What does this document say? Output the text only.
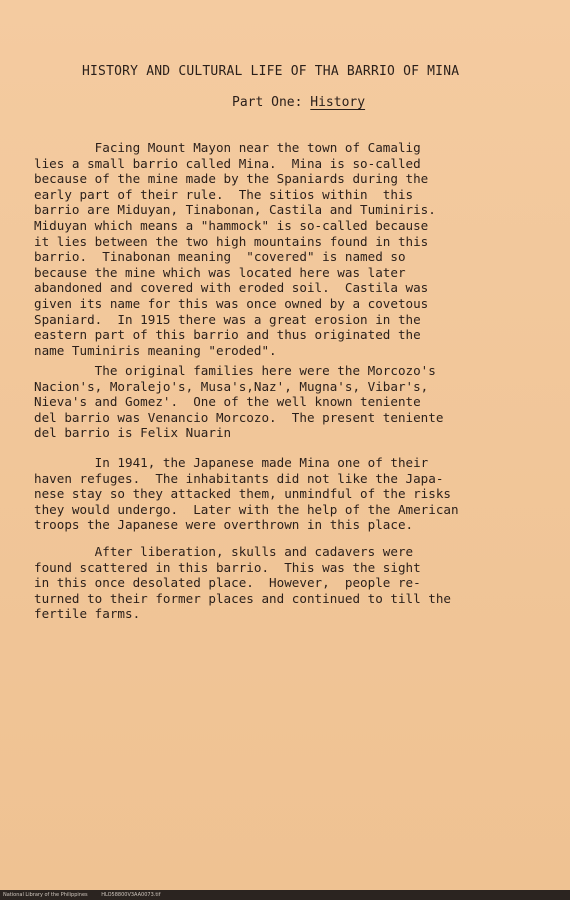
HISTORY AND CULTURAL LIFE OF THA BARRIO OF MINA
Part One: History
Facing Mount Mayon near the town of Camalig
lies a small barrio called Mina.  Mina is so-called
because of the mine made by the Spaniards during the
early part of their rule.  The sitios within  this
barrio are Miduyan, Tinabonan, Castila and Tuminiris.
Miduyan which means a "hammock" is so-called because
it lies between the two high mountains found in this
barrio.  Tinabonan meaning  "covered" is named so
because the mine which was located here was later
abandoned and covered with eroded soil.  Castila was
given its name for this was once owned by a covetous
Spaniard.  In 1915 there was a great erosion in the
eastern part of this barrio and thus originated the
name Tuminiris meaning "eroded".
The original families here were the Morcozo's
Nacion's, Moralejo's, Musa's,Naz', Mugna's, Vibar's,
Nieva's and Gomez'.  One of the well known teniente
del barrio was Venancio Morcozo.  The present teniente
del barrio is Felix Nuarin
In 1941, the Japanese made Mina one of their
haven refuges.  The inhabitants did not like the Japa-
nese stay so they attacked them, unmindful of the risks
they would undergo.  Later with the help of the American
troops the Japanese were overthrown in this place.
After liberation, skulls and cadavers were
found scattered in this barrio.  This was the sight
in this once desolated place.  However,  people re-
turned to their former places and continued to till the
fertile farms.
National Library of the Philippines	HLO58800V3AA0073.tif
